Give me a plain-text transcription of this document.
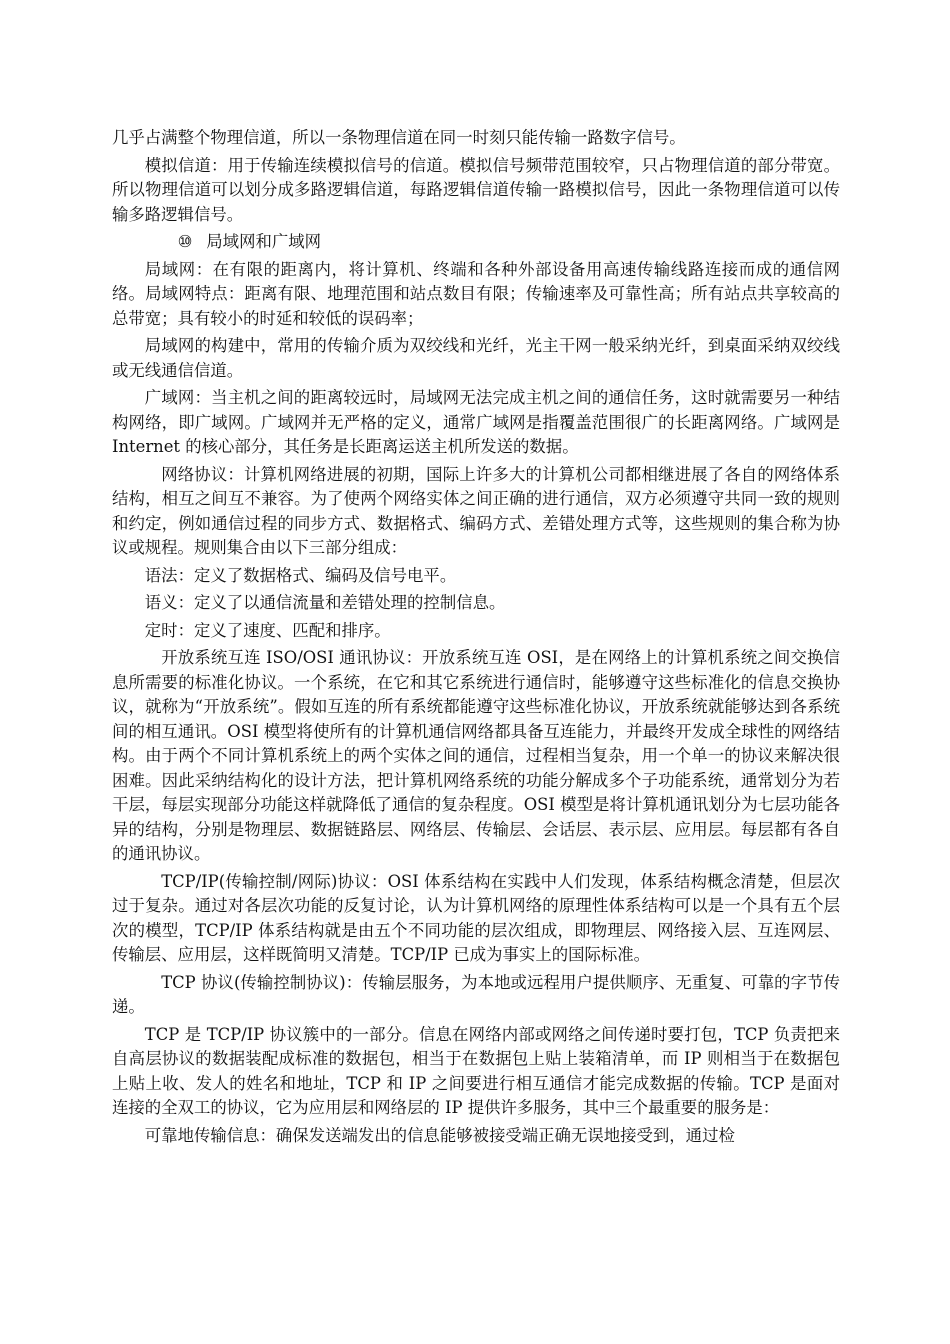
几乎占满整个物理信道，所以一条物理信道在同一时刻只能传输一路数字信号。

模拟信道：用于传输连续模拟信号的信道。模拟信号频带范围较窄，只占物理信道的部分带宽。所以物理信道可以划分成多路逻辑信道，每路逻辑信道传输一路模拟信号，因此一条物理信道可以传输多路逻辑信号。

⑩ 局域网和广域网

局域网：在有限的距离内，将计算机、终端和各种外部设备用高速传输线路连接而成的通信网络。局域网特点：距离有限、地理范围和站点数目有限；传输速率及可靠性高；所有站点共享较高的总带宽；具有较小的时延和较低的误码率；

局域网的构建中，常用的传输介质为双绞线和光纤，光主干网一般采纳光纤，到桌面采纳双绞线或无线通信信道。

广域网：当主机之间的距离较远时，局域网无法完成主机之间的通信任务，这时就需要另一种结构网络，即广域网。广域网并无严格的定义，通常广域网是指覆盖范围很广的长距离网络。广域网是 Internet 的核心部分，其任务是长距离运送主机所发送的数据。

网络协议：计算机网络进展的初期，国际上许多大的计算机公司都相继进展了各自的网络体系结构，相互之间互不兼容。为了使两个网络实体之间正确的进行通信，双方必须遵守共同一致的规则和约定，例如通信过程的同步方式、数据格式、编码方式、差错处理方式等，这些规则的集合称为协议或规程。规则集合由以下三部分组成：

语法：定义了数据格式、编码及信号电平。

语义：定义了以通信流量和差错处理的控制信息。

定时：定义了速度、匹配和排序。

开放系统互连 ISO/OSI 通讯协议：开放系统互连 OSI，是在网络上的计算机系统之间交换信息所需要的标准化协议。一个系统，在它和其它系统进行通信时，能够遵守这些标准化的信息交换协议，就称为“开放系统”。假如互连的所有系统都能遵守这些标准化协议，开放系统就能够达到各系统间的相互通讯。OSI 模型将使所有的计算机通信网络都具备互连能力，并最终开发成全球性的网络结构。由于两个不同计算机系统上的两个实体之间的通信，过程相当复杂，用一个单一的协议来解决很困难。因此采纳结构化的设计方法，把计算机网络系统的功能分解成多个子功能系统，通常划分为若干层，每层实现部分功能这样就降低了通信的复杂程度。OSI 模型是将计算机通讯划分为七层功能各异的结构，分别是物理层、数据链路层、网络层、传输层、会话层、表示层、应用层。每层都有各自的通讯协议。

TCP/IP(传输控制/网际)协议：OSI 体系结构在实践中人们发现，体系结构概念清楚，但层次过于复杂。通过对各层次功能的反复讨论，认为计算机网络的原理性体系结构可以是一个具有五个层次的模型，TCP/IP 体系结构就是由五个不同功能的层次组成，即物理层、网络接入层、互连网层、传输层、应用层，这样既简明又清楚。TCP/IP 已成为事实上的国际标准。

TCP 协议(传输控制协议)：传输层服务，为本地或远程用户提供顺序、无重复、可靠的字节传递。

TCP 是 TCP/IP 协议簇中的一部分。信息在网络内部或网络之间传递时要打包，TCP 负责把来自高层协议的数据装配成标准的数据包，相当于在数据包上贴上装箱清单，而 IP 则相当于在数据包上贴上收、发人的姓名和地址，TCP 和 IP 之间要进行相互通信才能完成数据的传输。TCP 是面对连接的全双工的协议，它为应用层和网络层的 IP 提供许多服务，其中三个最重要的服务是：

可靠地传输信息：确保发送端发出的信息能够被接受端正确无误地接受到，通过检
